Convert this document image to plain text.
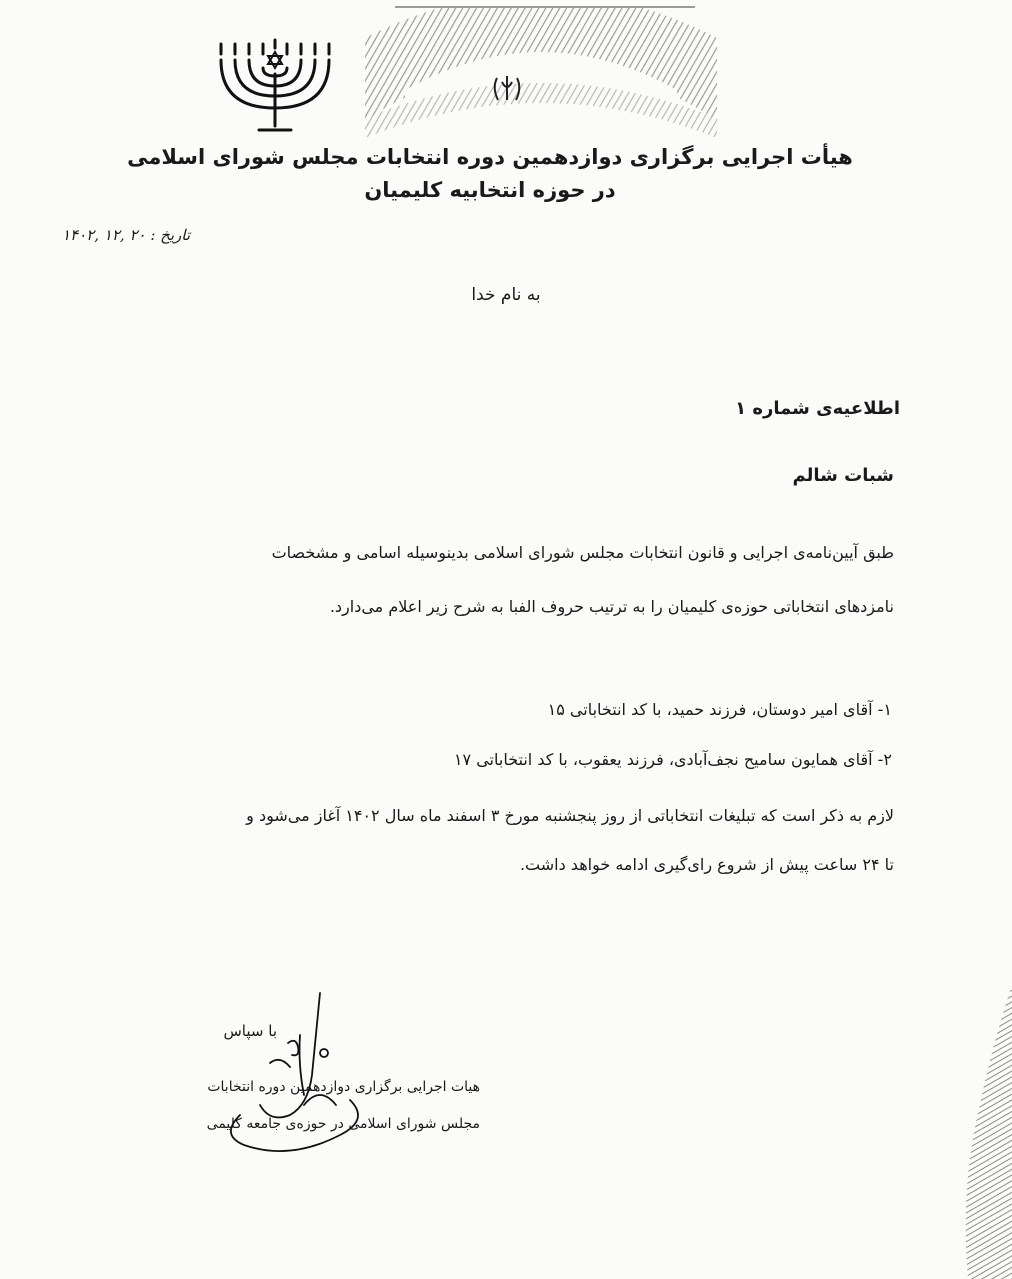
هیأت اجرایی برگزاری دوازدهمین دوره انتخابات مجلس شورای اسلامی
در حوزه انتخابیه کلیمیان
تاریخ : ۲۰ ,۱۲ ,۱۴۰۲
به نام خدا
اطلاعیه‌ی شماره ۱
شبات شالم
طبق آیین‌نامه‌ی اجرایی و قانون انتخابات مجلس شورای اسلامی بدینوسیله اسامی و مشخصات
نامزدهای انتخاباتی حوزه‌ی کلیمیان را به ترتیب حروف الفبا به شرح زیر اعلام می‌دارد.
۱- آقای امیر دوستان، فرزند حمید، با کد انتخاباتی ۱۵
۲- آقای همایون سامیح نجف‌آبادی، فرزند یعقوب، با کد انتخاباتی ۱۷
لازم به ذکر است که تبلیغات انتخاباتی از روز پنجشنبه مورخ ۳ اسفند ماه سال ۱۴۰۲ آغاز می‌شود و
تا ۲۴ ساعت پیش از شروع رای‌گیری ادامه خواهد داشت.
با سپاس
هیات اجرایی برگزاری دوازدهمین دوره انتخابات
مجلس شورای اسلامی در حوزه‌ی جامعه کلیمی
